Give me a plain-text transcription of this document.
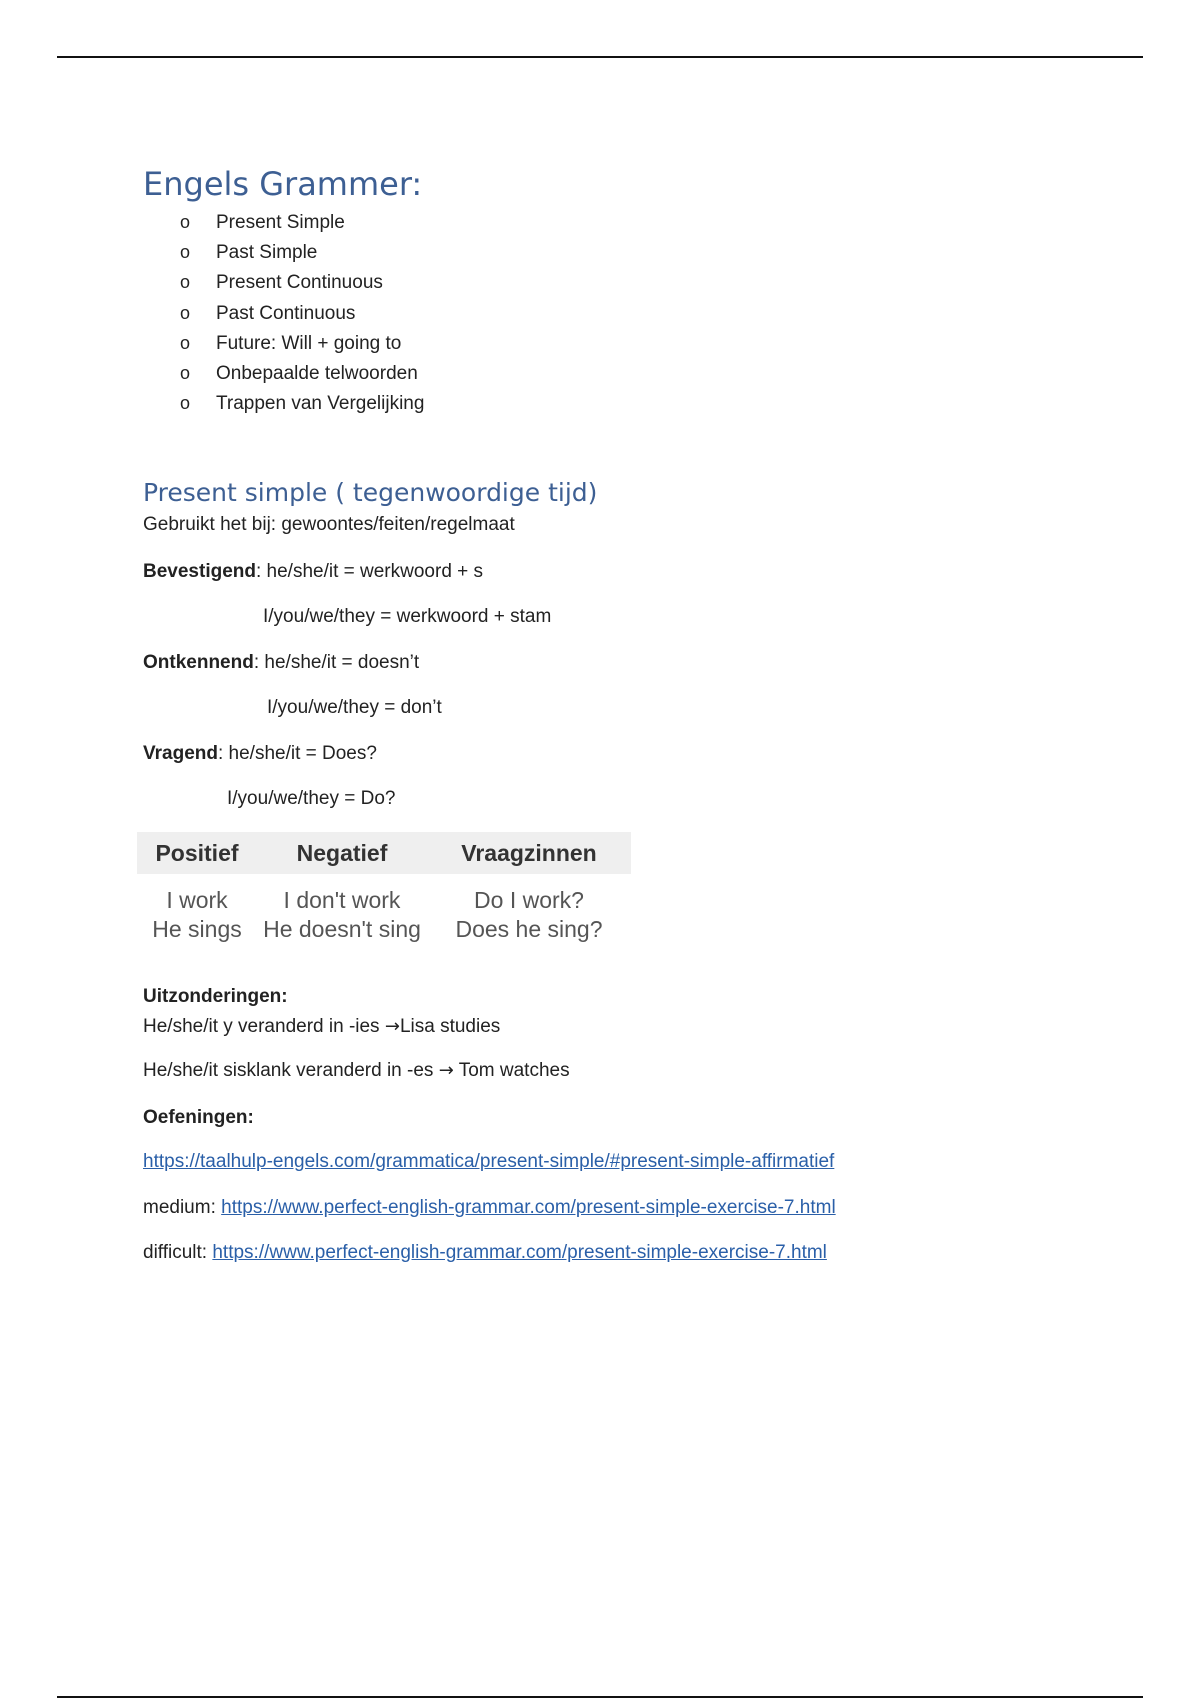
Engels Grammer:
o Present Simple
o Past Simple
o Present Continuous
o Past Continuous
o Future: Will + going to
o Onbepaalde telwoorden
o Trappen van Vergelijking
Present simple ( tegenwoordige tijd)
Gebruikt het bij: gewoontes/feiten/regelmaat
Bevestigend: he/she/it = werkwoord + s
I/you/we/they = werkwoord + stam
Ontkennend: he/she/it = doesn’t
I/you/we/they = don’t
Vragend: he/she/it = Does?
I/you/we/they = Do?
Positief	Negatief	Vraagzinnen
I work
He sings
I don't work
He doesn't sing
Do I work?
Does he sing?
Uitzonderingen:
He/she/it y veranderd in -ies →Lisa studies
He/she/it sisklank veranderd in -es → Tom watches
Oefeningen:
https://taalhulp-engels.com/grammatica/present-simple/#present-simple-affirmatief
medium: https://www.perfect-english-grammar.com/present-simple-exercise-7.html
difficult: https://www.perfect-english-grammar.com/present-simple-exercise-7.html
